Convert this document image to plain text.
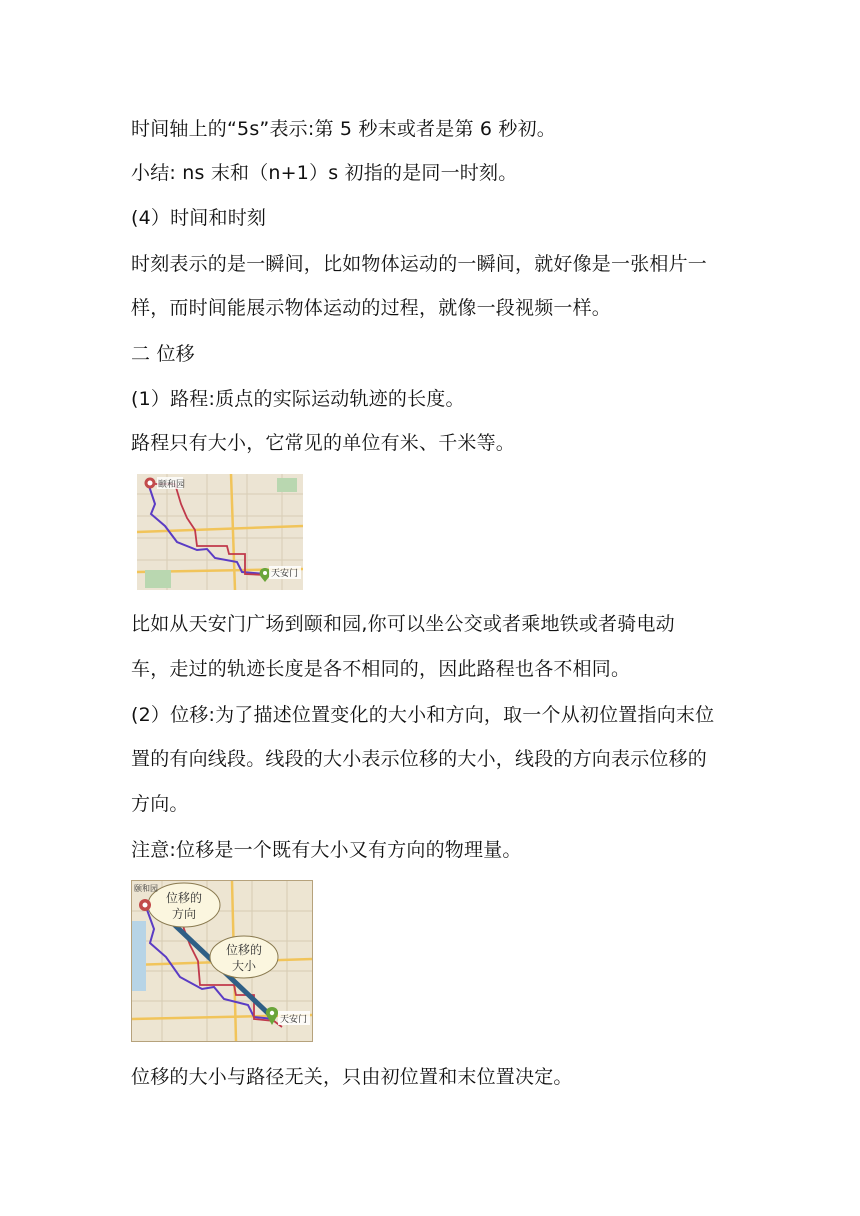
时间轴上的“5s”表示:第 5 秒末或者是第 6 秒初。
小结: ns 末和（n+1）s 初指的是同一时刻。
(4）时间和时刻
时刻表示的是一瞬间，比如物体运动的一瞬间，就好像是一张相片一
样，而时间能展示物体运动的过程，就像一段视频一样。
二 位移
(1）路程:质点的实际运动轨迹的长度。
路程只有大小，它常见的单位有米、千米等。
颐和园
天安门
比如从天安门广场到颐和园,你可以坐公交或者乘地铁或者骑电动
车，走过的轨迹长度是各不相同的，因此路程也各不相同。
(2）位移:为了描述位置变化的大小和方向，取一个从初位置指向末位
置的有向线段。线段的大小表示位移的大小，线段的方向表示位移的
方向。
注意:位移是一个既有大小又有方向的物理量。
位移的
方向
位移的
大小
颐和园
天安门
位移的大小与路径无关，只由初位置和末位置决定。
